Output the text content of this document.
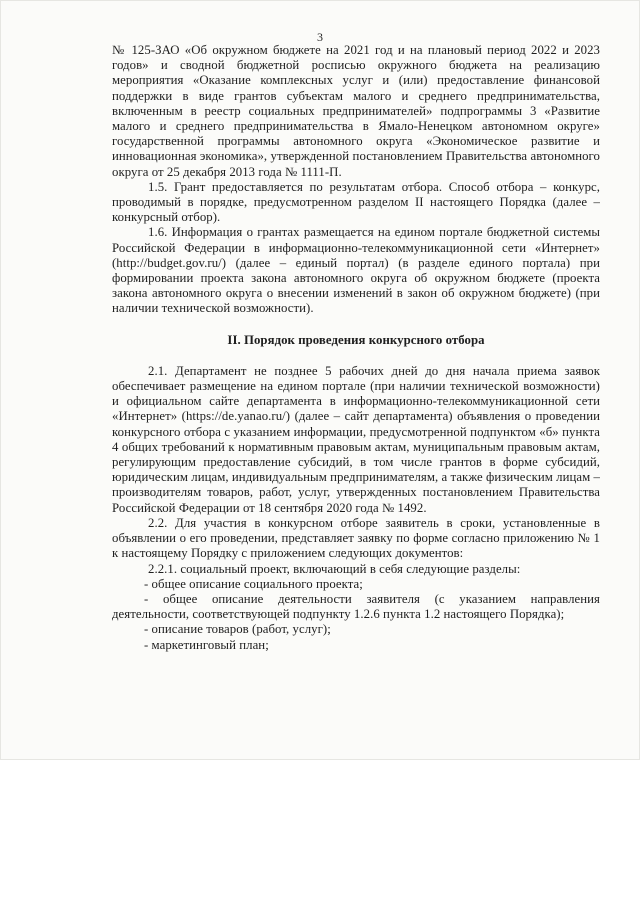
3

№ 125-ЗАО «Об окружном бюджете на 2021 год и на плановый период 2022 и 2023 годов» и сводной бюджетной росписью окружного бюджета на реализацию мероприятия «Оказание комплексных услуг и (или) предоставление финансовой поддержки в виде грантов субъектам малого и среднего предпринимательства, включенным в реестр социальных предпринимателей» подпрограммы 3 «Развитие малого и среднего предпринимательства в Ямало-Ненецком автономном округе» государственной программы автономного округа «Экономическое развитие и инновационная экономика», утвержденной постановлением Правительства автономного округа от 25 декабря 2013 года № 1111-П.

1.5. Грант предоставляется по результатам отбора. Способ отбора – конкурс, проводимый в порядке, предусмотренном разделом II настоящего Порядка (далее – конкурсный отбор).

1.6. Информация о грантах размещается на едином портале бюджетной системы Российской Федерации в информационно-телекоммуникационной сети «Интернет» (http://budget.gov.ru/) (далее – единый портал) (в разделе единого портала) при формировании проекта закона автономного округа об окружном бюджете (проекта закона автономного округа о внесении изменений в закон об окружном бюджете) (при наличии технической возможности).

II. Порядок проведения конкурсного отбора

2.1. Департамент не позднее 5 рабочих дней до дня начала приема заявок обеспечивает размещение на едином портале (при наличии технической возможности) и официальном сайте департамента в информационно-телекоммуникационной сети «Интернет» (https://de.yanao.ru/) (далее – сайт департамента) объявления о проведении конкурсного отбора с указанием информации, предусмотренной подпунктом «б» пункта 4 общих требований к нормативным правовым актам, муниципальным правовым актам, регулирующим предоставление субсидий, в том числе грантов в форме субсидий, юридическим лицам, индивидуальным предпринимателям, а также физическим лицам – производителям товаров, работ, услуг, утвержденных постановлением Правительства Российской Федерации от 18 сентября 2020 года № 1492.

2.2. Для участия в конкурсном отборе заявитель в сроки, установленные в объявлении о его проведении, представляет заявку по форме согласно приложению № 1 к настоящему Порядку с приложением следующих документов:

2.2.1. социальный проект, включающий в себя следующие разделы:

- общее описание социального проекта;

- общее описание деятельности заявителя (с указанием направления деятельности, соответствующей подпункту 1.2.6 пункта 1.2 настоящего Порядка);

- описание товаров (работ, услуг);

- маркетинговый план;
